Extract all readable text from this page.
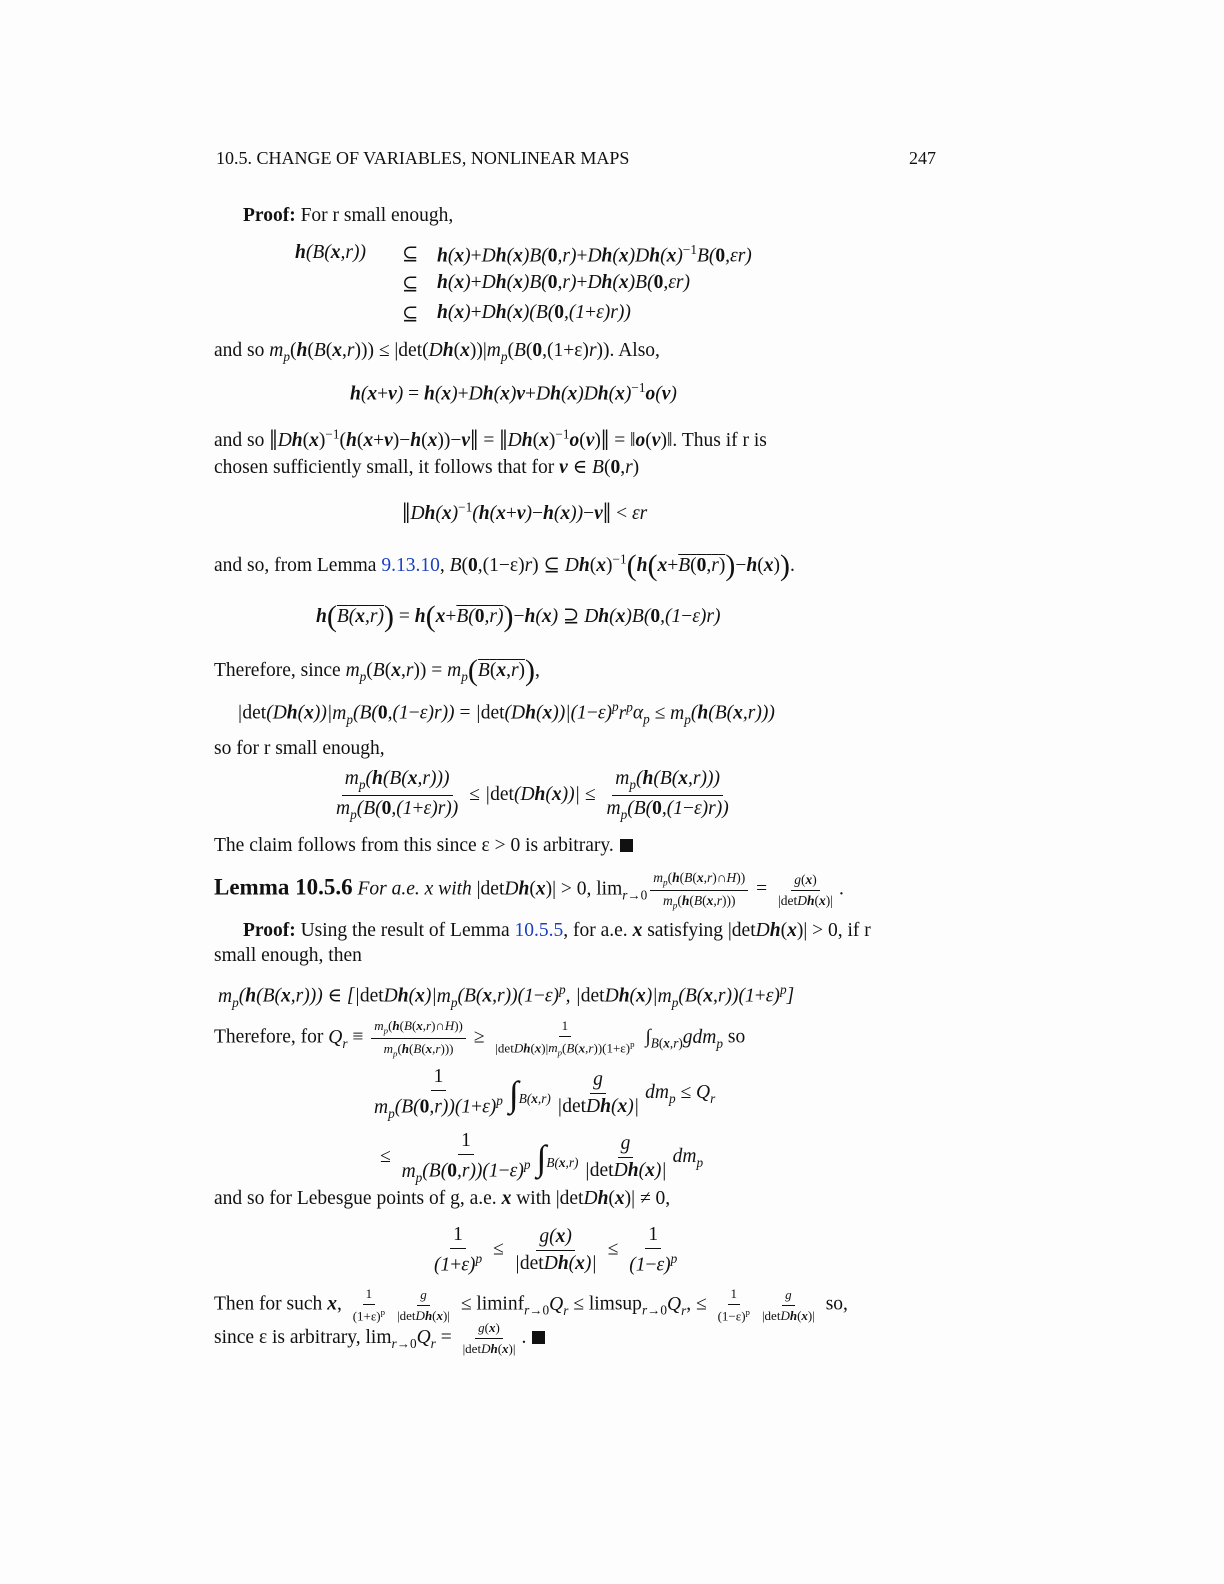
10.5. CHANGE OF VARIABLES, NONLINEAR MAPS	247
Proof: For r small enough,
h(B(x,r)) ⊆ $h(x)+Dh(x)B(0,r)+Dh(x)Dh(x)^{-1}B(0,\varepsilon r)$
⊆ h(x)+Dh(x)B(0,r)+Dh(x)B(0,εr)
⊆ h(x)+Dh(x)(B(0,(1+ε)r))
and so $m_p(h(B(x,r))) \le |\det(Dh(x))|m_p(B(0,(1+\varepsilon)r))$. Also,
$h(x+v) = h(x)+Dh(x)v+Dh(x)Dh(x)^{-1}o(v)$
and so $‖Dh(x)^{-1}(h(x+v)-h(x))-v‖$ = $‖Dh(x)^{-1}o(v)‖$ = ‖o(v)‖. Thus if r is
chosen sufficiently small, it follows that for v ∈ B(0,r)
$‖Dh(x)^{-1}(h(x+v)-h(x))-v‖ < \varepsilon r$
and so, from Lemma 9.13.10, B(0,(1−ε)r) ⊆ $Dh(x)^{-1}(h(x+B(0,r))-h(x))$.
h(B(x,r)) = h(x+B(0,r))−h(x) ⊇ Dh(x)B(0,(1−ε)r)
Therefore, since $m_p(B(x,r)) = m_p(B(x,r))$,
$|\det(Dh(x))|m_p(B(0,(1-\varepsilon)r)) = |\det(Dh(x))|(1-\varepsilon)^pr^p\alpha_p \le m_p(h(B(x,r)))$
so for r small enough,
$\frac{m_p(h(B(x,r)))}{m_p(B(0,(1+\varepsilon)r))} \le |\det(Dh(x))| \le \frac{m_p(h(B(x,r)))}{m_p(B(0,(1-\varepsilon)r))}$
The claim follows from this since ε > 0 is arbitrary.
Lemma 10.5.6 For a.e. x with |detDh(x)| > 0, $\lim_{r\to 0} \frac{m_p(h(B(x,r)\cap H))}{m_p(h(B(x,r)))} = \frac{g(x)}{\text{|detDh(x)|}}$ .
Proof: Using the result of Lemma 10.5.5, for a.e. x satisfying |detDh(x)| > 0, if r
small enough, then
$m_p(h(B(x,r)))$ ∈ [$|detDh(x)|m_p(B(x,r))(1-\varepsilon)^p$, $|detDh(x)|m_p(B(x,r))(1+\varepsilon)^p$]
Therefore, for $Q_r \equiv \frac{m_p(h(B(x,r)\cap H))}{m_p(h(B(x,r)))} \ge \frac{1}{|detDh(x)|m_p(B(x,r))(1+\varepsilon)^p} \int_{B(x,r)}gdm_p$ so
$\frac{1}{m_p(B(0,r))(1+\varepsilon)^p} \int_{B(x,r)} \frac{g}{\text{|detDh(x)|}} dm_p \le Q_r$
≤ $\frac{1}{m_p(B(0,r))(1-\varepsilon)^p} \int_{B(x,r)} \frac{g}{\text{|detDh(x)|}} dm_p$
and so for Lebesgue points of g, a.e. x with |detDh(x)| ≠ 0,
$\frac{1}{(1+\varepsilon)^p} \le \frac{g(x)}{\text{|detDh(x)|}} \le \frac{1}{(1-\varepsilon)^p}$
Then for such x, $\frac{1}{(1+\varepsilon)^p} \frac{g}{\text{|detDh(x)|}} \le liminf_{r\to 0}Q_r$ ≤ $limsup_{r\to 0}Q_r$, ≤ $\frac{1}{(1-\varepsilon)^p} \frac{g}{\text{|detDh(x)|}}$ so,
since ε is arbitrary, $\lim_{r\to 0}Q_r = \frac{g(x)}{\text{|detDh(x)|}}$ .
